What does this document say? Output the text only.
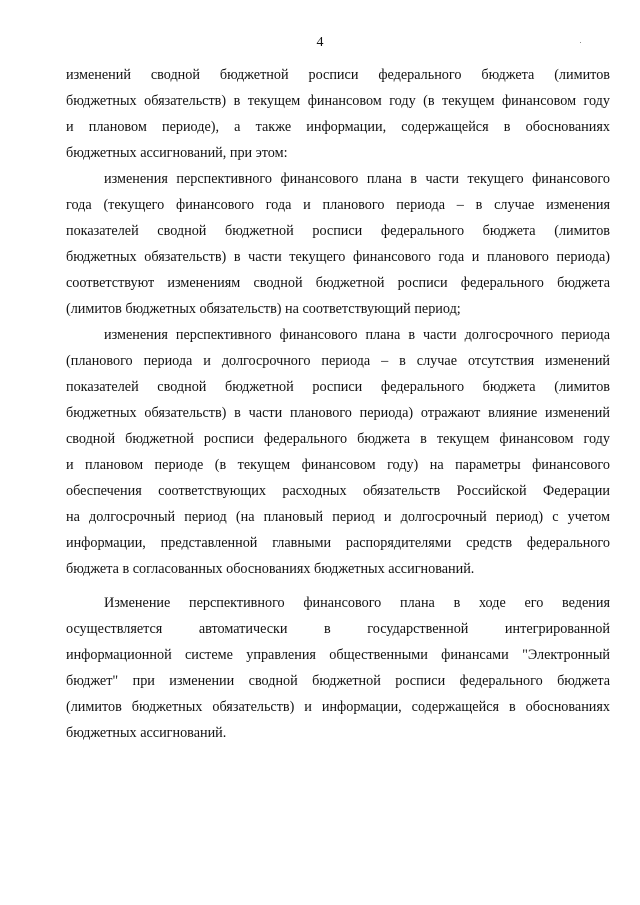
4
изменений сводной бюджетной росписи федерального бюджета (лимитов
бюджетных обязательств) в текущем финансовом году (в текущем финансовом году
и плановом периоде), а также информации, содержащейся в обоснованиях
бюджетных ассигнований, при этом:
изменения перспективного финансового плана в части текущего финансового
года (текущего финансового года и планового периода – в случае изменения
показателей сводной бюджетной росписи федерального бюджета (лимитов
бюджетных обязательств) в части текущего финансового года и планового периода)
соответствуют изменениям сводной бюджетной росписи федерального бюджета
(лимитов бюджетных обязательств) на соответствующий период;
изменения перспективного финансового плана в части долгосрочного периода
(планового периода и долгосрочного периода – в случае отсутствия изменений
показателей сводной бюджетной росписи федерального бюджета (лимитов
бюджетных обязательств) в части планового периода) отражают влияние изменений
сводной бюджетной росписи федерального бюджета в текущем финансовом году
и плановом периоде (в текущем финансовом году) на параметры финансового
обеспечения соответствующих расходных обязательств Российской Федерации
на долгосрочный период (на плановый период и долгосрочный период) с учетом
информации, представленной главными распорядителями средств федерального
бюджета в согласованных обоснованиях бюджетных ассигнований.
Изменение перспективного финансового плана в ходе его ведения
осуществляется автоматически в государственной интегрированной
информационной системе управления общественными финансами "Электронный
бюджет" при изменении сводной бюджетной росписи федерального бюджета
(лимитов бюджетных обязательств) и информации, содержащейся в обоснованиях
бюджетных ассигнований.
